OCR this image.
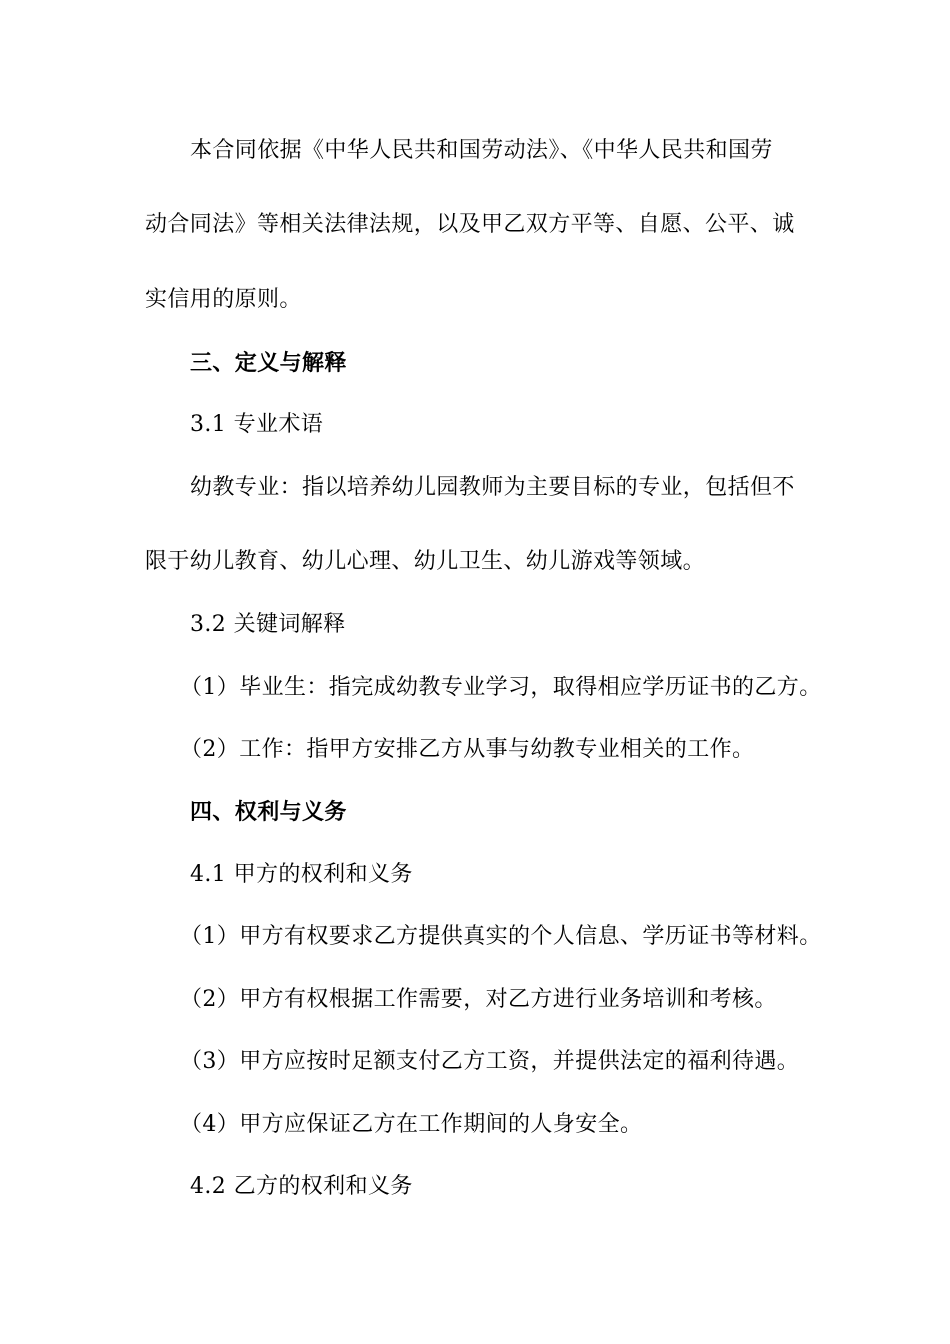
本合同依据《中华人民共和国劳动法》、《中华人民共和国劳
动合同法》等相关法律法规，以及甲乙双方平等、自愿、公平、诚
实信用的原则。
三、定义与解释
3.1 专业术语
幼教专业：指以培养幼儿园教师为主要目标的专业，包括但不
限于幼儿教育、幼儿心理、幼儿卫生、幼儿游戏等领域。
3.2 关键词解释
（1）毕业生：指完成幼教专业学习，取得相应学历证书的乙方。
（2）工作：指甲方安排乙方从事与幼教专业相关的工作。
四、权利与义务
4.1 甲方的权利和义务
（1）甲方有权要求乙方提供真实的个人信息、学历证书等材料。
（2）甲方有权根据工作需要，对乙方进行业务培训和考核。
（3）甲方应按时足额支付乙方工资，并提供法定的福利待遇。
（4）甲方应保证乙方在工作期间的人身安全。
4.2 乙方的权利和义务
